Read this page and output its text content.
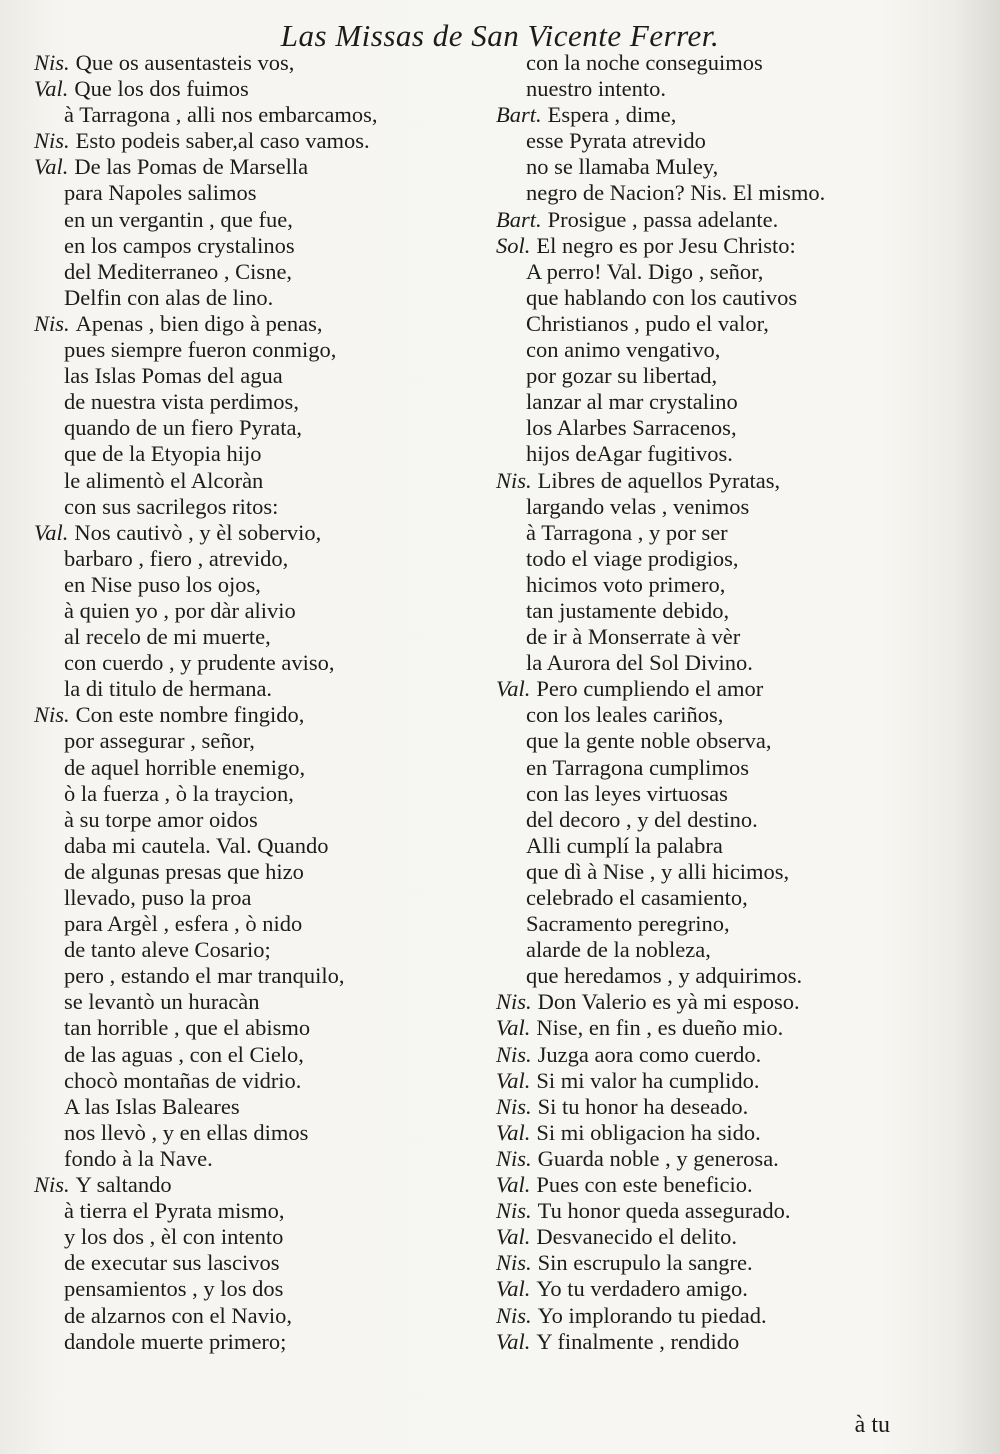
Las Missas de San Vicente Ferrer.
Nis. Que os ausentasteis vos,
Val. Que los dos fuimos
à Tarragona , alli nos embarcamos,
Nis. Esto podeis saber,al caso vamos.
Val. De las Pomas de Marsella
para Napoles salimos
en un vergantin , que fue,
en los campos crystalinos
del Mediterraneo , Cisne,
Delfin con alas de lino.
Nis. Apenas , bien digo à penas,
pues siempre fueron conmigo,
las Islas Pomas del agua
de nuestra vista perdimos,
quando de un fiero Pyrata,
que de la Etyopia hijo
le alimentò el Alcoràn
con sus sacrilegos ritos:
Val. Nos cautivò , y èl sobervio,
barbaro , fiero , atrevido,
en Nise puso los ojos,
à quien yo , por dàr alivio
al recelo de mi muerte,
con cuerdo , y prudente aviso,
la di titulo de hermana.
Nis. Con este nombre fingido,
por assegurar , señor,
de aquel horrible enemigo,
ò la fuerza , ò la traycion,
à su torpe amor oidos
daba mi cautela. Val. Quando
de algunas presas que hizo
llevado, puso la proa
para Argèl , esfera , ò nido
de tanto aleve Cosario;
pero , estando el mar tranquilo,
se levantò un huracàn
tan horrible , que el abismo
de las aguas , con el Cielo,
chocò montañas de vidrio.
A las Islas Baleares
nos llevò , y en ellas dimos
fondo à la Nave.
Nis. Y saltando
à tierra el Pyrata mismo,
y los dos , èl con intento
de executar sus lascivos
pensamientos , y los dos
de alzarnos con el Navio,
dandole muerte primero;
con la noche conseguimos
nuestro intento.
Bart. Espera , dime,
esse Pyrata atrevido
no se llamaba Muley,
negro de Nacion? Nis. El mismo.
Bart. Prosigue , passa adelante.
Sol. El negro es por Jesu Christo:
A perro! Val. Digo , señor,
que hablando con los cautivos
Christianos , pudo el valor,
con animo vengativo,
por gozar su libertad,
lanzar al mar crystalino
los Alarbes Sarracenos,
hijos deAgar fugitivos.
Nis. Libres de aquellos Pyratas,
largando velas , venimos
à Tarragona , y por ser
todo el viage prodigios,
hicimos voto primero,
tan justamente debido,
de ir à Monserrate à vèr
la Aurora del Sol Divino.
Val. Pero cumpliendo el amor
con los leales cariños,
que la gente noble observa,
en Tarragona cumplimos
con las leyes virtuosas
del decoro , y del destino.
Alli cumplí la palabra
que dì à Nise , y alli hicimos,
celebrado el casamiento,
Sacramento peregrino,
alarde de la nobleza,
que heredamos , y adquirimos.
Nis. Don Valerio es yà mi esposo.
Val. Nise, en fin , es dueño mio.
Nis. Juzga aora como cuerdo.
Val. Si mi valor ha cumplido.
Nis. Si tu honor ha deseado.
Val. Si mi obligacion ha sido.
Nis. Guarda noble , y generosa.
Val. Pues con este beneficio.
Nis. Tu honor queda assegurado.
Val. Desvanecido el delito.
Nis. Sin escrupulo la sangre.
Val. Yo tu verdadero amigo.
Nis. Yo implorando tu piedad.
Val. Y finalmente , rendido
à tu
